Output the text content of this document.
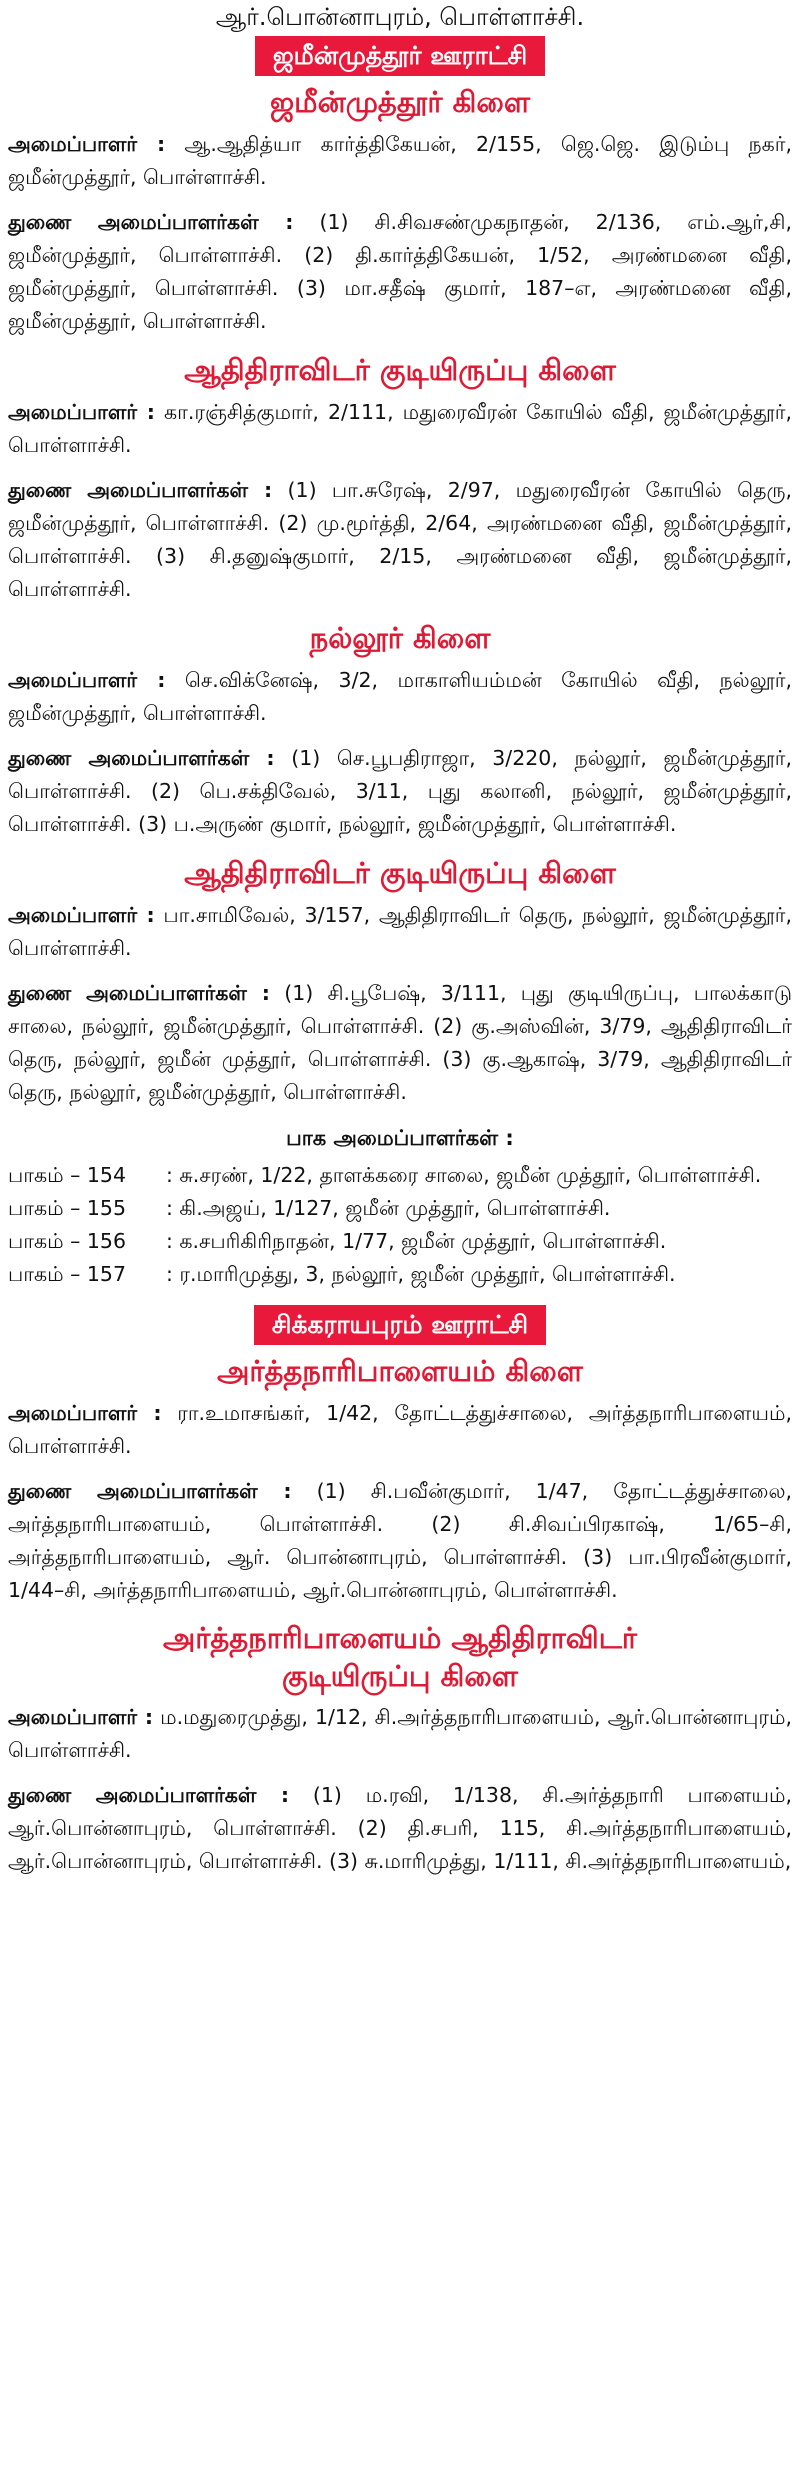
ஆர்.பொன்னாபுரம், பொள்ளாச்சி.
ஜமீன்முத்தூர் ஊராட்சி
ஜமீன்முத்தூர் கிளை

அமைப்பாளர் : ஆ.ஆதித்யா கார்த்திகேயன், 2/155, ஜெ.ஜெ. இடும்பு நகர், ஜமீன்முத்தூர், பொள்ளாச்சி.

துணை அமைப்பாளர்கள் : (1) சி.சிவசண்முகநாதன், 2/136, எம்.ஆர்,சி, ஜமீன்முத்தூர், பொள்ளாச்சி. (2) தி.கார்த்திகேயன், 1/52, அரண்மனை வீதி, ஜமீன்முத்தூர், பொள்ளாச்சி. (3) மா.சதீஷ் குமார், 187–எ, அரண்மனை வீதி, ஜமீன்முத்தூர், பொள்ளாச்சி.

ஆதிதிராவிடர் குடியிருப்பு கிளை

அமைப்பாளர் : கா.ரஞ்சித்குமார், 2/111, மதுரைவீரன் கோயில் வீதி, ஜமீன்முத்தூர், பொள்ளாச்சி.

துணை அமைப்பாளர்கள் : (1) பா.சுரேஷ், 2/97, மதுரைவீரன் கோயில் தெரு, ஜமீன்முத்தூர், பொள்ளாச்சி. (2) மு.மூர்த்தி, 2/64, அரண்மனை வீதி, ஜமீன்முத்தூர், பொள்ளாச்சி. (3) சி.தனுஷ்குமார், 2/15, அரண்மனை வீதி, ஜமீன்முத்தூர், பொள்ளாச்சி.

நல்லூர் கிளை

அமைப்பாளர் : செ.விக்னேஷ், 3/2, மாகாளியம்மன் கோயில் வீதி, நல்லூர், ஜமீன்முத்தூர், பொள்ளாச்சி.

துணை அமைப்பாளர்கள் : (1) செ.பூபதிராஜா, 3/220, நல்லூர், ஜமீன்முத்தூர், பொள்ளாச்சி. (2) பெ.சக்திவேல், 3/11, புது கலானி, நல்லூர், ஜமீன்முத்தூர், பொள்ளாச்சி. (3) ப.அருண் குமார், நல்லூர், ஜமீன்முத்தூர், பொள்ளாச்சி.

ஆதிதிராவிடர் குடியிருப்பு கிளை

அமைப்பாளர் : பா.சாமிவேல், 3/157, ஆதிதிராவிடர் தெரு, நல்லூர், ஜமீன்முத்தூர், பொள்ளாச்சி.

துணை அமைப்பாளர்கள் : (1) சி.பூபேஷ், 3/111, புது குடியிருப்பு, பாலக்காடு சாலை, நல்லூர், ஜமீன்முத்தூர், பொள்ளாச்சி. (2) கு.அஸ்வின், 3/79, ஆதிதிராவிடர் தெரு, நல்லூர், ஜமீன் முத்தூர், பொள்ளாச்சி. (3) கு.ஆகாஷ், 3/79, ஆதிதிராவிடர் தெரு, நல்லூர், ஜமீன்முத்தூர், பொள்ளாச்சி.

பாக அமைப்பாளர்கள் :
பாகம் – 154	: சு.சரண், 1/22, தாளக்கரை சாலை, ஜமீன் முத்தூர், பொள்ளாச்சி.
பாகம் – 155	: கி.அஜய், 1/127, ஜமீன் முத்தூர், பொள்ளாச்சி.
பாகம் – 156	: க.சபரிகிரிநாதன், 1/77, ஜமீன் முத்தூர், பொள்ளாச்சி.
பாகம் – 157	: ர.மாரிமுத்து, 3, நல்லூர், ஜமீன் முத்தூர், பொள்ளாச்சி.
சிக்கராயபுரம் ஊராட்சி
அர்த்தநாரிபாளையம் கிளை

அமைப்பாளர் : ரா.உமாசங்கர், 1/42, தோட்டத்துச்சாலை, அர்த்தநாரிபாளையம், பொள்ளாச்சி.

துணை அமைப்பாளர்கள் : (1) சி.பவீன்குமார், 1/47, தோட்டத்துச்சாலை, அர்த்தநாரிபாளையம், பொள்ளாச்சி. (2) சி.சிவப்பிரகாஷ், 1/65–சி, அர்த்தநாரிபாளையம், ஆர். பொன்னாபுரம், பொள்ளாச்சி. (3) பா.பிரவீன்குமார், 1/44–சி, அர்த்தநாரிபாளையம், ஆர்.பொன்னாபுரம், பொள்ளாச்சி.

அர்த்தநாரிபாளையம் ஆதிதிராவிடர்
குடியிருப்பு கிளை

அமைப்பாளர் : ம.மதுரைமுத்து, 1/12, சி.அர்த்தநாரிபாளையம், ஆர்.பொன்னாபுரம், பொள்ளாச்சி.

துணை அமைப்பாளர்கள் : (1) ம.ரவி, 1/138, சி.அர்த்தநாரி பாளையம், ஆர்.பொன்னாபுரம், பொள்ளாச்சி. (2) தி.சபரி, 115, சி.அர்த்தநாரிபாளையம், ஆர்.பொன்னாபுரம், பொள்ளாச்சி. (3) சு.மாரிமுத்து, 1/111, சி.அர்த்தநாரிபாளையம்,
